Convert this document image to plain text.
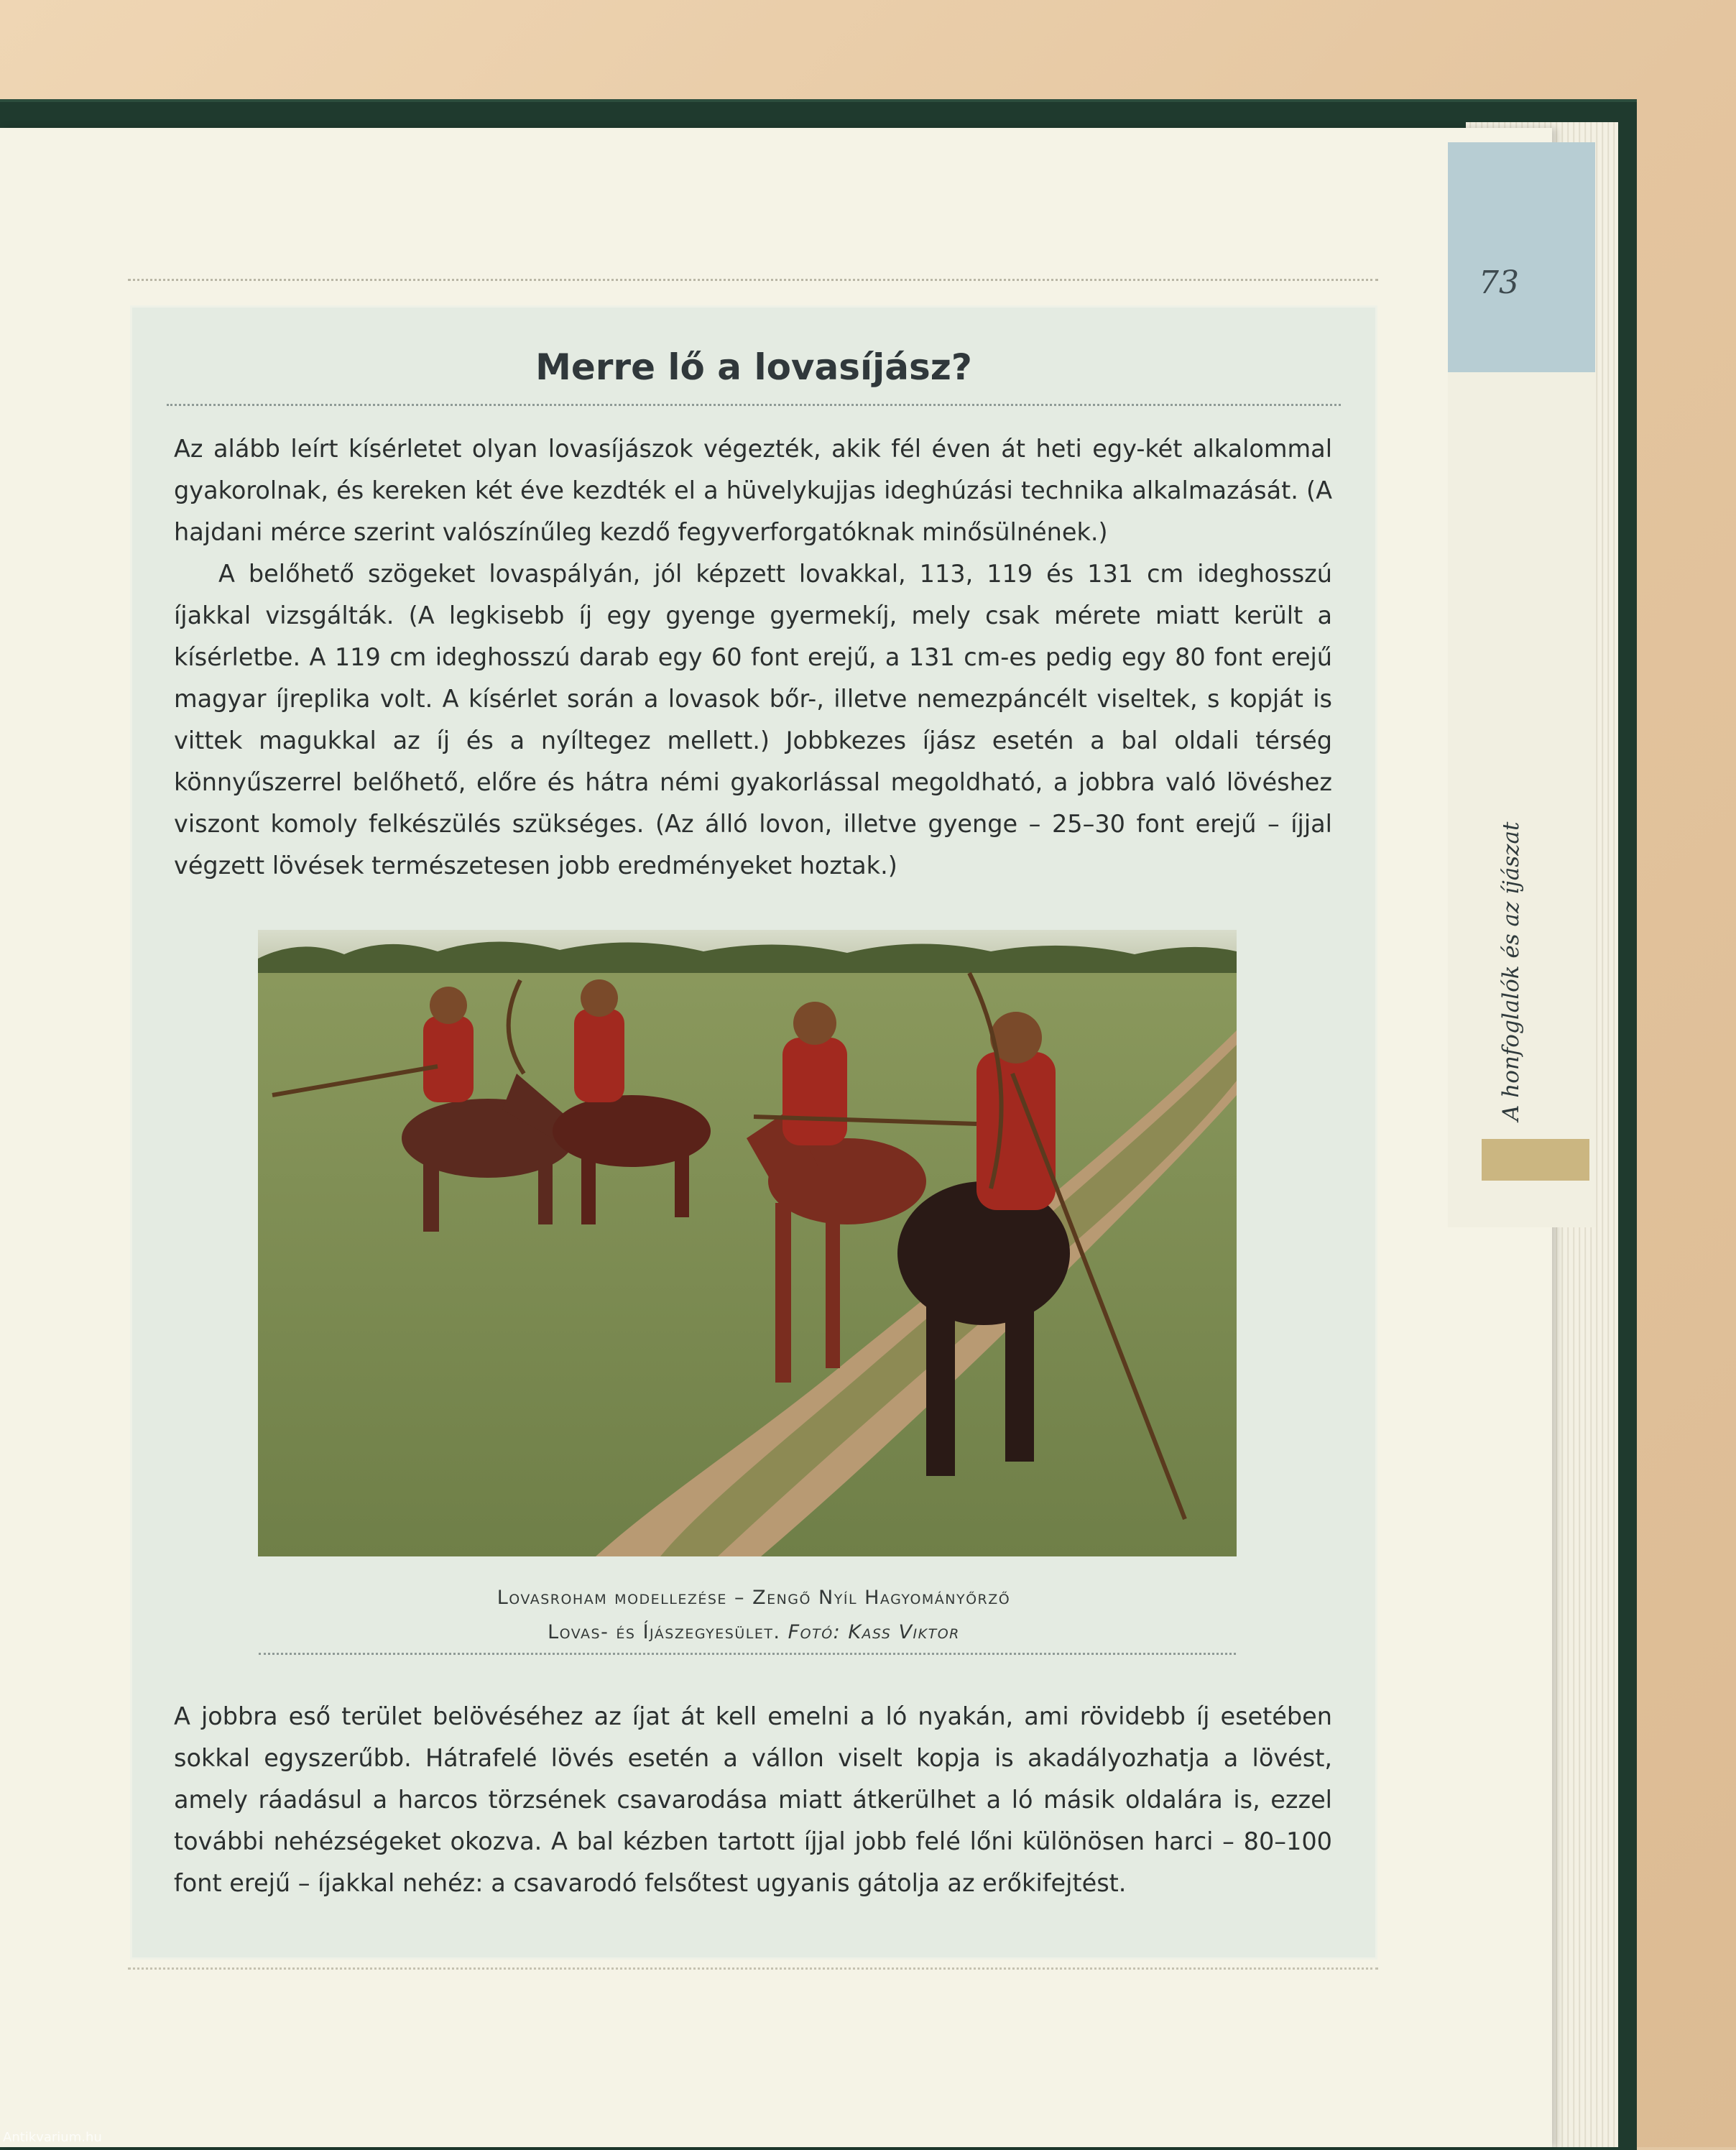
73
A honfoglalók és az íjászat
Merre lő a lovasíjász?

Az alább leírt kísérletet olyan lovasíjászok végezték, akik fél éven át heti egy-két alkalommal gyakorolnak, és kereken két éve kezdték el a hüvelykujjas ideghúzási technika alkalmazását. (A hajdani mérce szerint valószínűleg kezdő fegyverforgatóknak minősülnének.)

A belőhető szögeket lovaspályán, jól képzett lovakkal, 113, 119 és 131 cm ideghosszú íjakkal vizsgálták. (A legkisebb íj egy gyenge gyermekíj, mely csak mérete miatt került a kísérletbe. A 119 cm ideghosszú darab egy 60 font erejű, a 131 cm-es pedig egy 80 font erejű magyar íjreplika volt. A kísérlet során a lovasok bőr-, illetve nemezpáncélt viseltek, s kopját is vittek magukkal az íj és a nyíltegez mellett.) Jobbkezes íjász esetén a bal oldali térség könnyűszerrel belőhető, előre és hátra némi gyakorlással megoldható, a jobbra való lövéshez viszont komoly felkészülés szükséges. (Az álló lovon, illetve gyenge – 25–30 font erejű – íjjal végzett lövések természetesen jobb eredményeket hoztak.)

Lovasroham modellezése – Zengő Nyíl Hagyományőrző
Lovas- és Íjászegyesület. Fotó: Kass Viktor

A jobbra eső terület belövéséhez az íjat át kell emelni a ló nyakán, ami rövidebb íj esetében sokkal egyszerűbb. Hátrafelé lövés esetén a vállon viselt kopja is akadályozhatja a lövést, amely ráadásul a harcos törzsének csavarodása miatt átkerülhet a ló másik oldalára is, ezzel további nehézségeket okozva. A bal kézben tartott íjjal jobb felé lőni különösen harci – 80–100 font erejű – íjakkal nehéz: a csavarodó felsőtest ugyanis gátolja az erőkifejtést.

Antikvarium.hu
